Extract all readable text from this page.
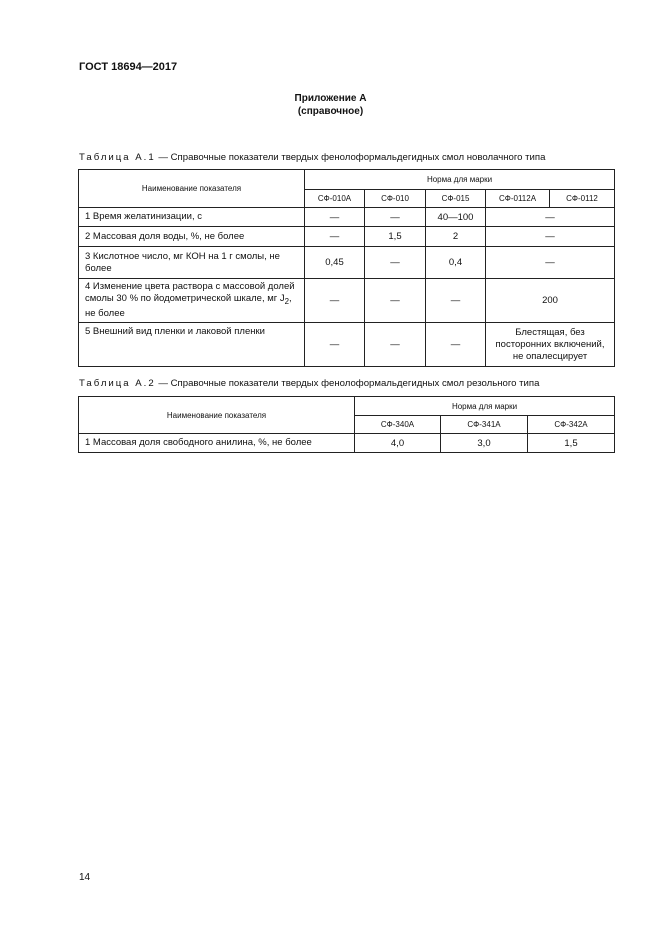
ГОСТ 18694—2017
Приложение А
(справочное)
Таблица А.1 — Справочные показатели твердых фенолоформальдегидных смол новолачного типа
Наименование показателя	Норма для марки				
	СФ-010А	СФ-010	СФ-015	СФ-0112А	СФ-0112
1 Время желатинизации, с	—	—	40—100	—	
2 Массовая доля воды, %, не более	—	1,5	2	—	
3 Кислотное число, мг КОН на 1 г смолы, не более	0,45	—	0,4	—	
4 Изменение цвета раствора с массовой долей смолы 30 % по йодометрической шкале, мг $J_2$, не более	—	—	—	200	
5 Внешний вид пленки и лаковой пленки	—	—	—	Блестящая, без посторонних включений, не опалесцирует	
Таблица А.2 — Справочные показатели твердых фенолоформальдегидных смол резольного типа
Наименование показателя	Норма для марки		
	СФ-340А	СФ-341А	СФ-342А
1 Массовая доля свободного анилина, %, не более	4,0	3,0	1,5
14
